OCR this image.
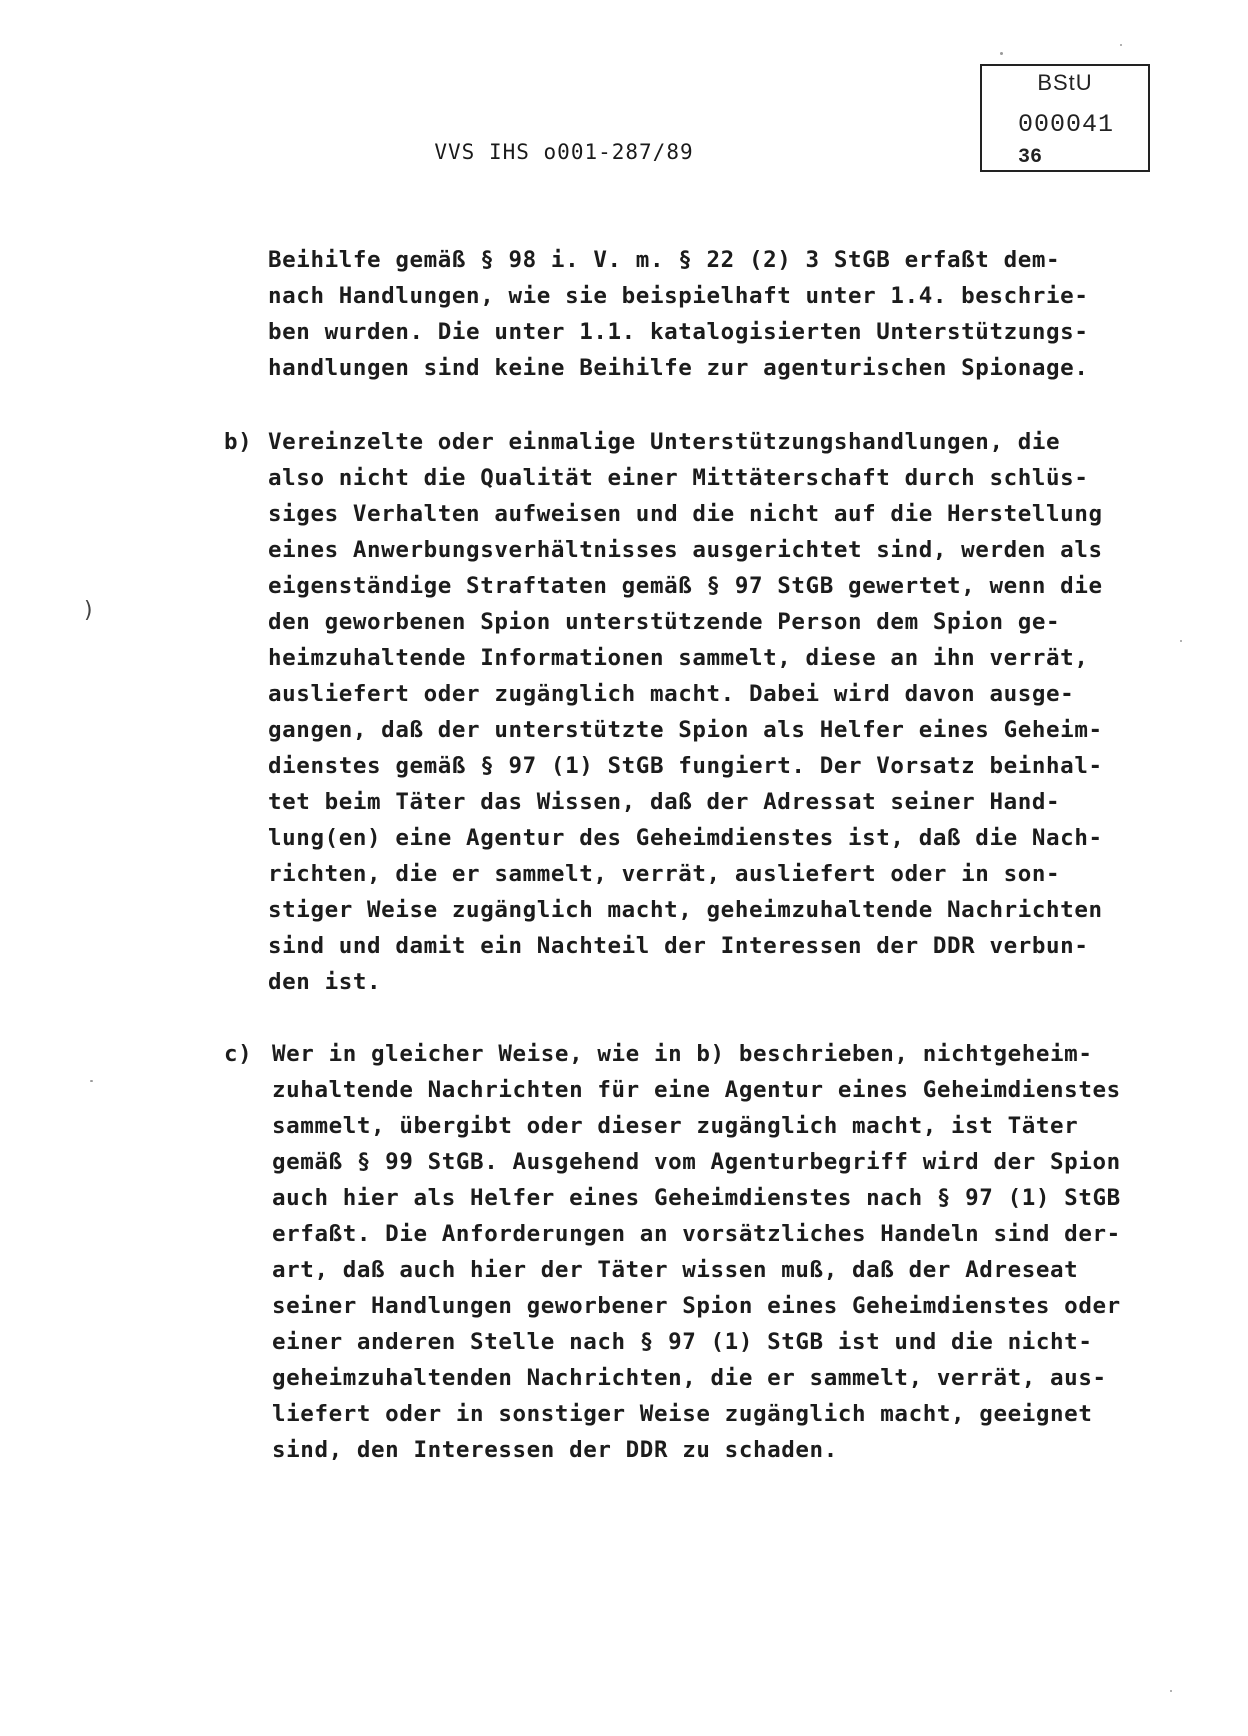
BStU
000041
36
VVS IHS o001-287/89
)
Beihilfe gemäß § 98 i. V. m. § 22 (2) 3 StGB erfaßt dem-
nach Handlungen, wie sie beispielhaft unter 1.4. beschrie-
ben wurden. Die unter 1.1. katalogisierten Unterstützungs-
handlungen sind keine Beihilfe zur agenturischen Spionage.
b) Vereinzelte oder einmalige Unterstützungshandlungen, die
also nicht die Qualität einer Mittäterschaft durch schlüs-
siges Verhalten aufweisen und die nicht auf die Herstellung
eines Anwerbungsverhältnisses ausgerichtet sind, werden als
eigenständige Straftaten gemäß § 97 StGB gewertet, wenn die
den geworbenen Spion unterstützende Person dem Spion ge-
heimzuhaltende Informationen sammelt, diese an ihn verrät,
ausliefert oder zugänglich macht. Dabei wird davon ausge-
gangen, daß der unterstützte Spion als Helfer eines Geheim-
dienstes gemäß § 97 (1) StGB fungiert. Der Vorsatz beinhal-
tet beim Täter das Wissen, daß der Adressat seiner Hand-
lung(en) eine Agentur des Geheimdienstes ist, daß die Nach-
richten, die er sammelt, verrät, ausliefert oder in son-
stiger Weise zugänglich macht, geheimzuhaltende Nachrichten
sind und damit ein Nachteil der Interessen der DDR verbun-
den ist.
c) Wer in gleicher Weise, wie in b) beschrieben, nichtgeheim-
zuhaltende Nachrichten für eine Agentur eines Geheimdienstes
sammelt, übergibt oder dieser zugänglich macht, ist Täter
gemäß § 99 StGB. Ausgehend vom Agenturbegriff wird der Spion
auch hier als Helfer eines Geheimdienstes nach § 97 (1) StGB
erfaßt. Die Anforderungen an vorsätzliches Handeln sind der-
art, daß auch hier der Täter wissen muß, daß der Adreseat
seiner Handlungen geworbener Spion eines Geheimdienstes oder
einer anderen Stelle nach § 97 (1) StGB ist und die nicht-
geheimzuhaltenden Nachrichten, die er sammelt, verrät, aus-
liefert oder in sonstiger Weise zugänglich macht, geeignet
sind, den Interessen der DDR zu schaden.
